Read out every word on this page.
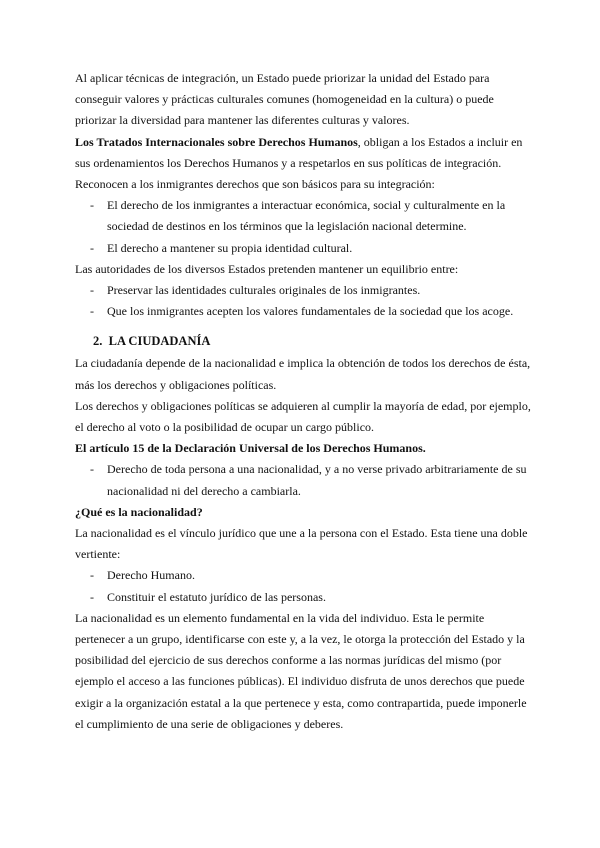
Al aplicar técnicas de integración, un Estado puede priorizar la unidad del Estado para conseguir valores y prácticas culturales comunes (homogeneidad en la cultura) o puede priorizar la diversidad para mantener las diferentes culturas y valores.

Los Tratados Internacionales sobre Derechos Humanos, obligan a los Estados a incluir en sus ordenamientos los Derechos Humanos y a respetarlos en sus políticas de integración.

Reconocen a los inmigrantes derechos que son básicos para su integración:

- El derecho de los inmigrantes a interactuar económica, social y culturalmente en la sociedad de destinos en los términos que la legislación nacional determine.
- El derecho a mantener su propia identidad cultural.

Las autoridades de los diversos Estados pretenden mantener un equilibrio entre:

- Preservar las identidades culturales originales de los inmigrantes.
- Que los inmigrantes acepten los valores fundamentales de la sociedad que los acoge.
2. LA CIUDADANÍA

La ciudadanía depende de la nacionalidad e implica la obtención de todos los derechos de ésta, más los derechos y obligaciones políticas.

Los derechos y obligaciones políticas se adquieren al cumplir la mayoría de edad, por ejemplo, el derecho al voto o la posibilidad de ocupar un cargo público.

El artículo 15 de la Declaración Universal de los Derechos Humanos.

- Derecho de toda persona a una nacionalidad, y a no verse privado arbitrariamente de su nacionalidad ni del derecho a cambiarla.

¿Qué es la nacionalidad?

La nacionalidad es el vínculo jurídico que une a la persona con el Estado. Esta tiene una doble vertiente:

- Derecho Humano.
- Constituir el estatuto jurídico de las personas.

La nacionalidad es un elemento fundamental en la vida del individuo. Esta le permite pertenecer a un grupo, identificarse con este y, a la vez, le otorga la protección del Estado y la posibilidad del ejercicio de sus derechos conforme a las normas jurídicas del mismo (por ejemplo el acceso a las funciones públicas). El individuo disfruta de unos derechos que puede exigir a la organización estatal a la que pertenece y esta, como contrapartida, puede imponerle el cumplimiento de una serie de obligaciones y deberes.
